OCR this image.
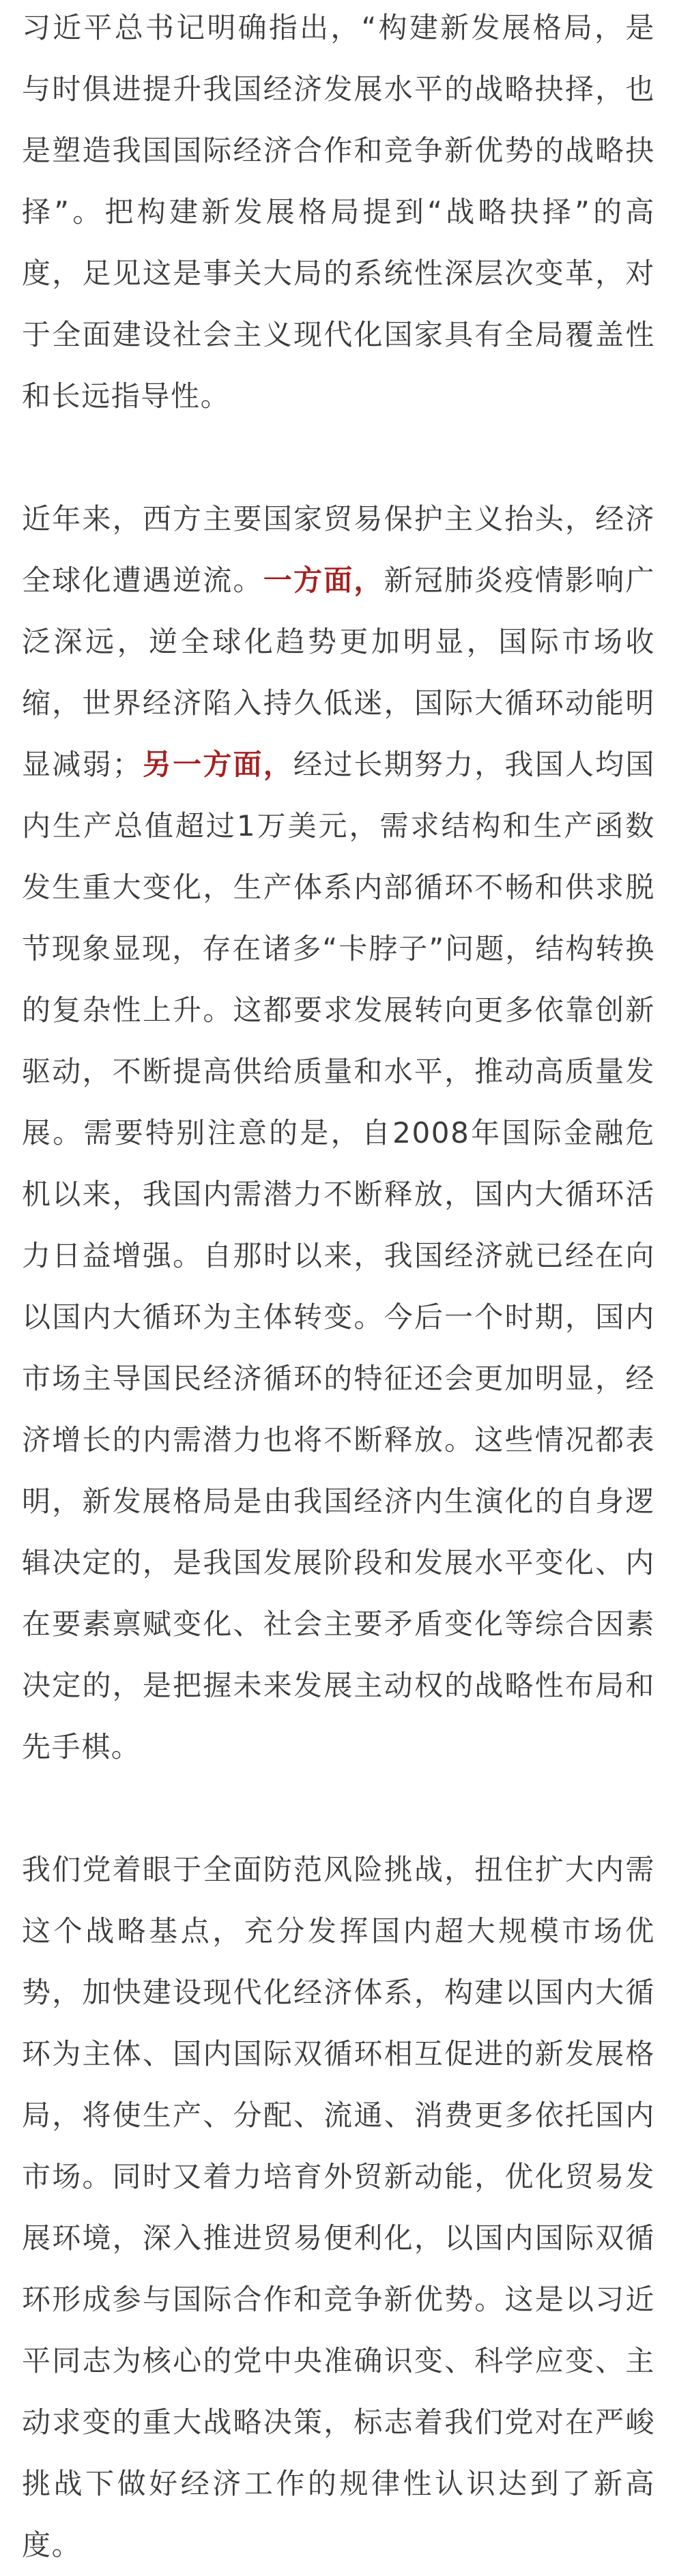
习近平总书记明确指出，“构建新发展格局，是与时俱进提升我国经济发展水平的战略抉择，也是塑造我国国际经济合作和竞争新优势的战略抉择”。把构建新发展格局提到“战略抉择”的高度，足见这是事关大局的系统性深层次变革，对于全面建设社会主义现代化国家具有全局覆盖性和长远指导性。

近年来，西方主要国家贸易保护主义抬头，经济全球化遭遇逆流。一方面，新冠肺炎疫情影响广泛深远，逆全球化趋势更加明显，国际市场收缩，世界经济陷入持久低迷，国际大循环动能明显减弱；另一方面，经过长期努力，我国人均国内生产总值超过1万美元，需求结构和生产函数发生重大变化，生产体系内部循环不畅和供求脱节现象显现，存在诸多“卡脖子”问题，结构转换的复杂性上升。这都要求发展转向更多依靠创新驱动，不断提高供给质量和水平，推动高质量发展。需要特别注意的是，自2008年国际金融危机以来，我国内需潜力不断释放，国内大循环活力日益增强。自那时以来，我国经济就已经在向以国内大循环为主体转变。今后一个时期，国内市场主导国民经济循环的特征还会更加明显，经济增长的内需潜力也将不断释放。这些情况都表明，新发展格局是由我国经济内生演化的自身逻辑决定的，是我国发展阶段和发展水平变化、内在要素禀赋变化、社会主要矛盾变化等综合因素决定的，是把握未来发展主动权的战略性布局和先手棋。

我们党着眼于全面防范风险挑战，扭住扩大内需这个战略基点，充分发挥国内超大规模市场优势，加快建设现代化经济体系，构建以国内大循环为主体、国内国际双循环相互促进的新发展格局，将使生产、分配、流通、消费更多依托国内市场。同时又着力培育外贸新动能，优化贸易发展环境，深入推进贸易便利化，以国内国际双循环形成参与国际合作和竞争新优势。这是以习近平同志为核心的党中央准确识变、科学应变、主动求变的重大战略决策，标志着我们党对在严峻挑战下做好经济工作的规律性认识达到了新高度。
